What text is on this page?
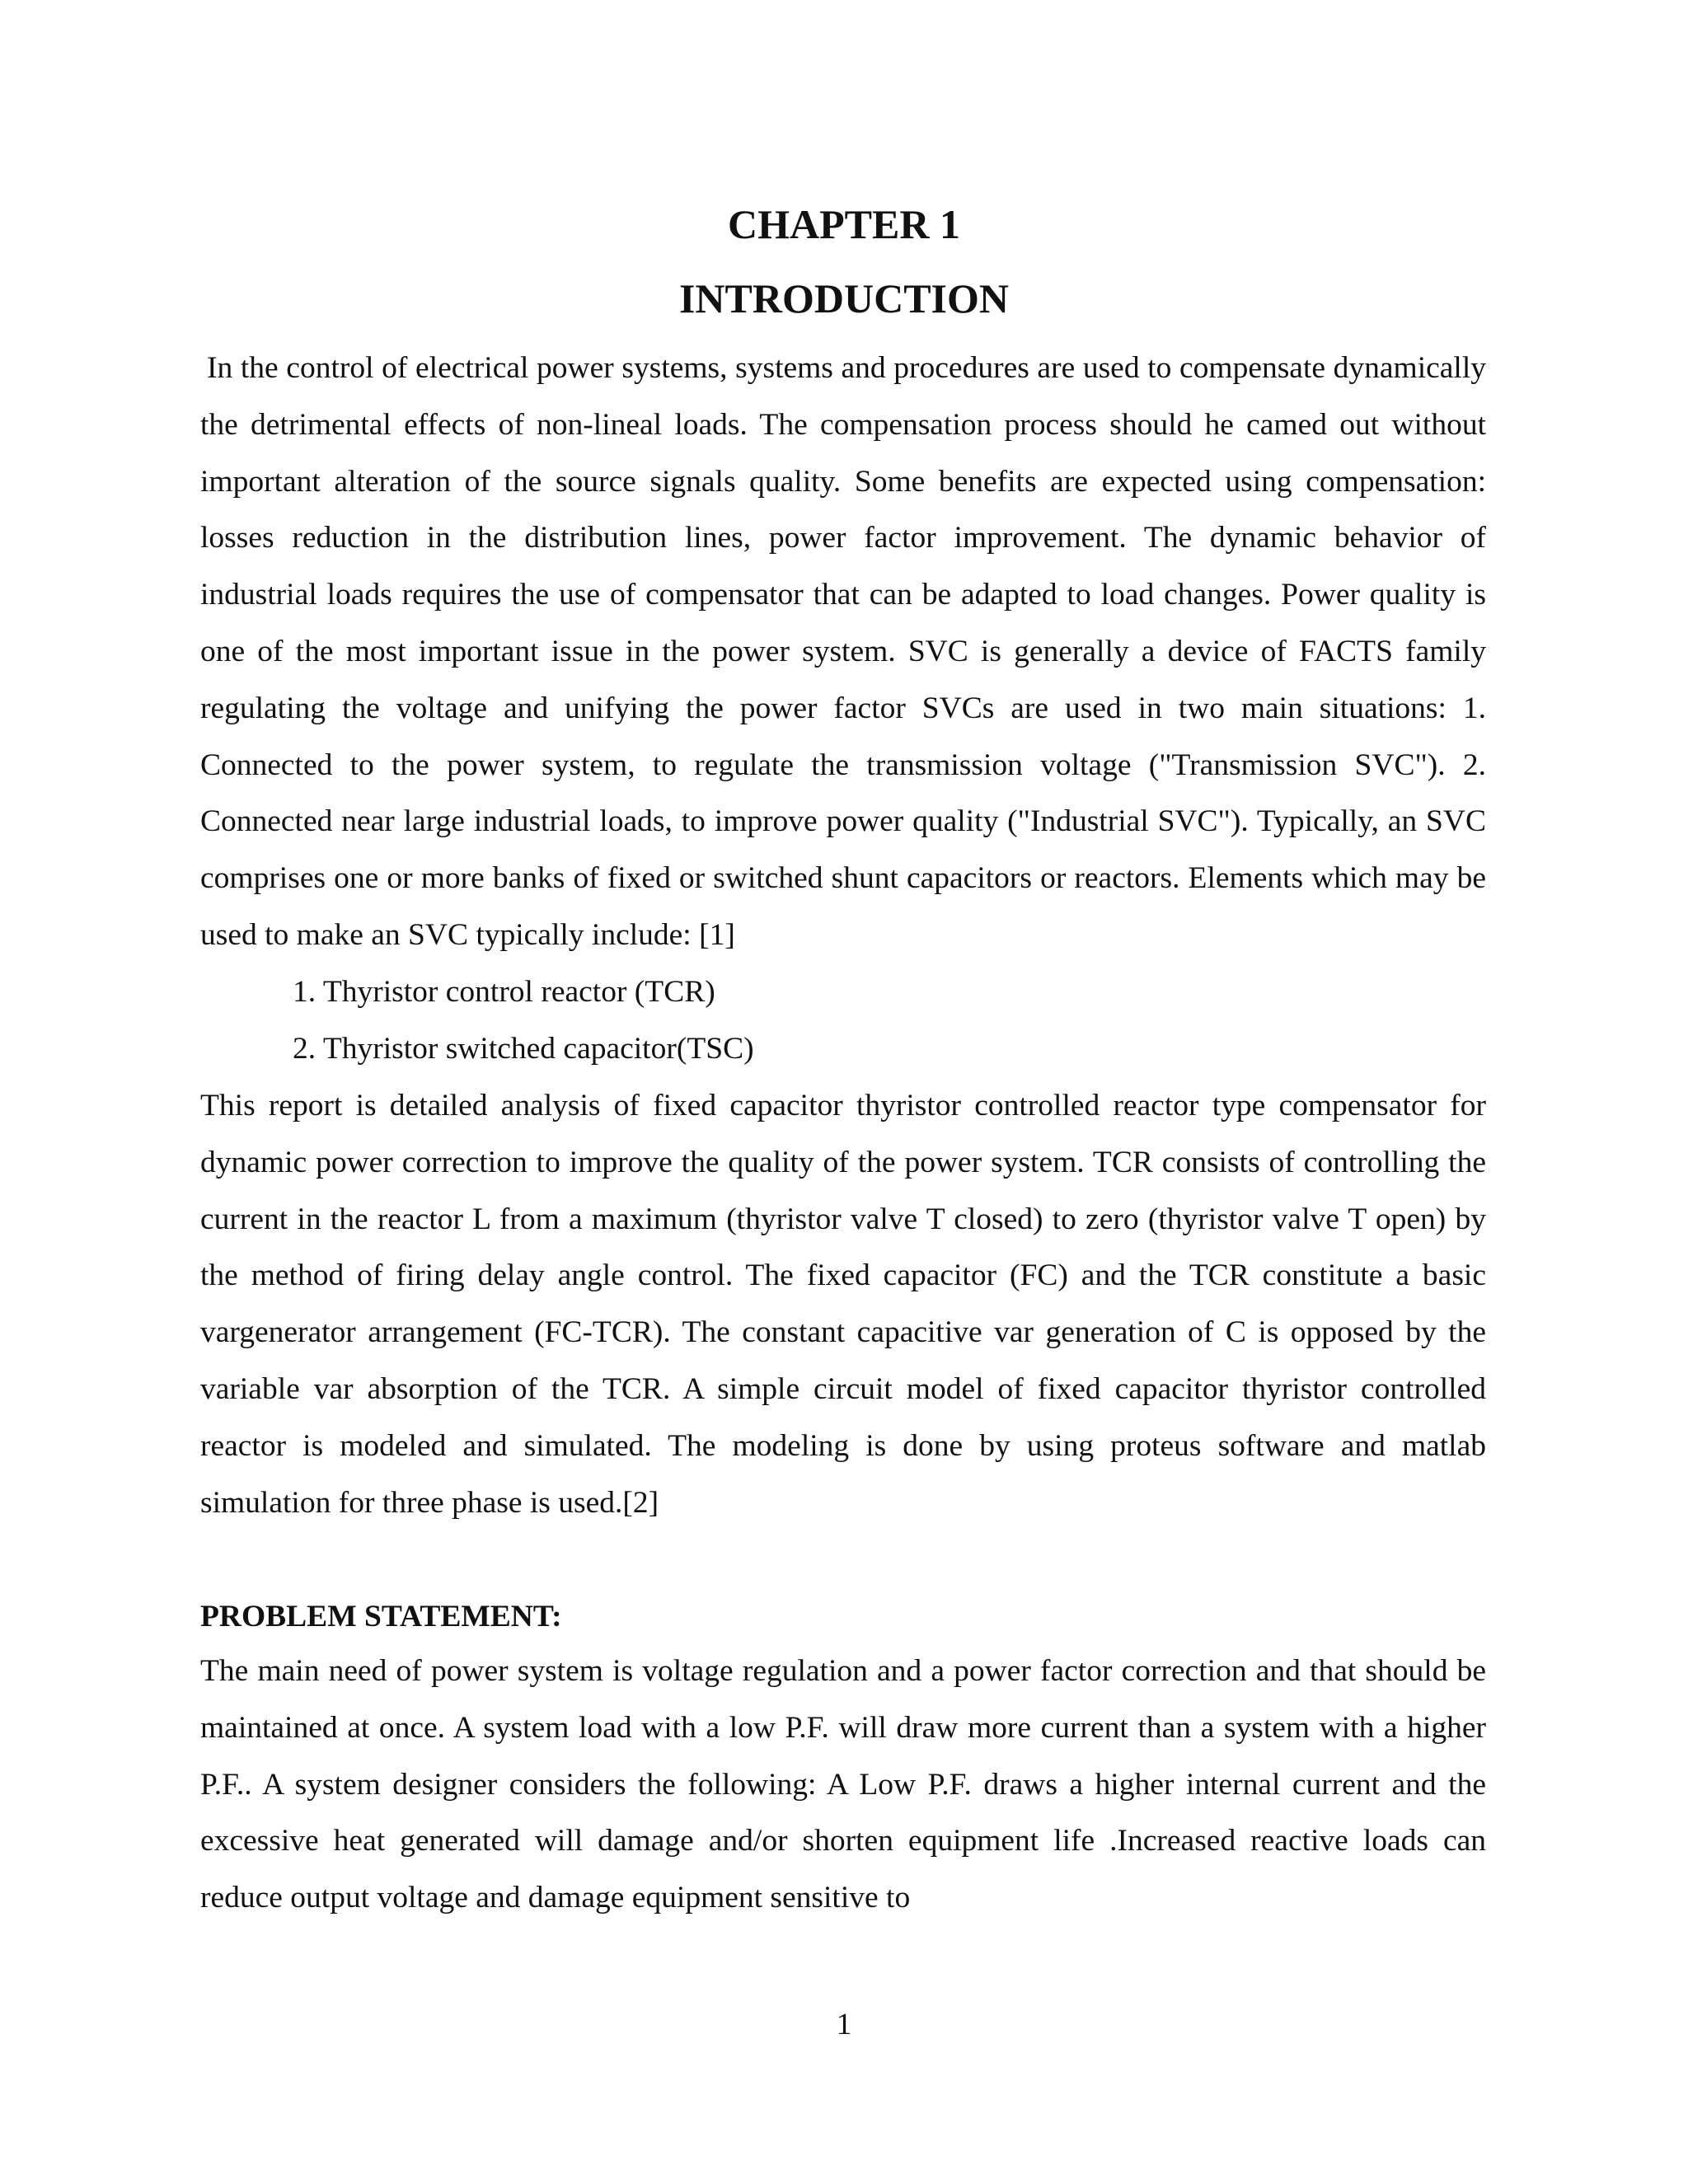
CHAPTER 1
INTRODUCTION
In the control of electrical power systems, systems and procedures are used to compensate dynamically the detrimental effects of non-lineal loads. The compensation process should he camed out without important alteration of the source signals quality. Some benefits are expected using compensation: losses reduction in the distribution lines, power factor improvement. The dynamic behavior of industrial loads requires the use of compensator that can be adapted to load changes. Power quality is one of the most important issue in the power system. SVC is generally a device of FACTS family regulating the voltage and unifying the power factor SVCs are used in two main situations: 1. Connected to the power system, to regulate the transmission voltage ("Transmission SVC"). 2. Connected near large industrial loads, to improve power quality ("Industrial SVC"). Typically, an SVC comprises one or more banks of fixed or switched shunt capacitors or reactors. Elements which may be used to make an SVC typically include: [1]
1. Thyristor control reactor (TCR)
2. Thyristor switched capacitor(TSC)
This report is detailed analysis of fixed capacitor thyristor controlled reactor type compensator for dynamic power correction to improve the quality of the power system. TCR consists of controlling the current in the reactor L from a maximum (thyristor valve T closed) to zero (thyristor valve T open) by the method of firing delay angle control. The fixed capacitor (FC) and the TCR constitute a basic vargenerator arrangement (FC-TCR). The constant capacitive var generation of C is opposed by the variable var absorption of the TCR. A simple circuit model of fixed capacitor thyristor controlled reactor is modeled and simulated. The modeling is done by using proteus software and matlab simulation for three phase is used.[2]
PROBLEM STATEMENT:
The main need of power system is voltage regulation and a power factor correction and that should be maintained at once. A system load with a low P.F. will draw more current than a system with a higher P.F.. A system designer considers the following: A Low P.F. draws a higher internal current and the excessive heat generated will damage and/or shorten equipment life .Increased reactive loads can reduce output voltage and damage equipment sensitive to
1
